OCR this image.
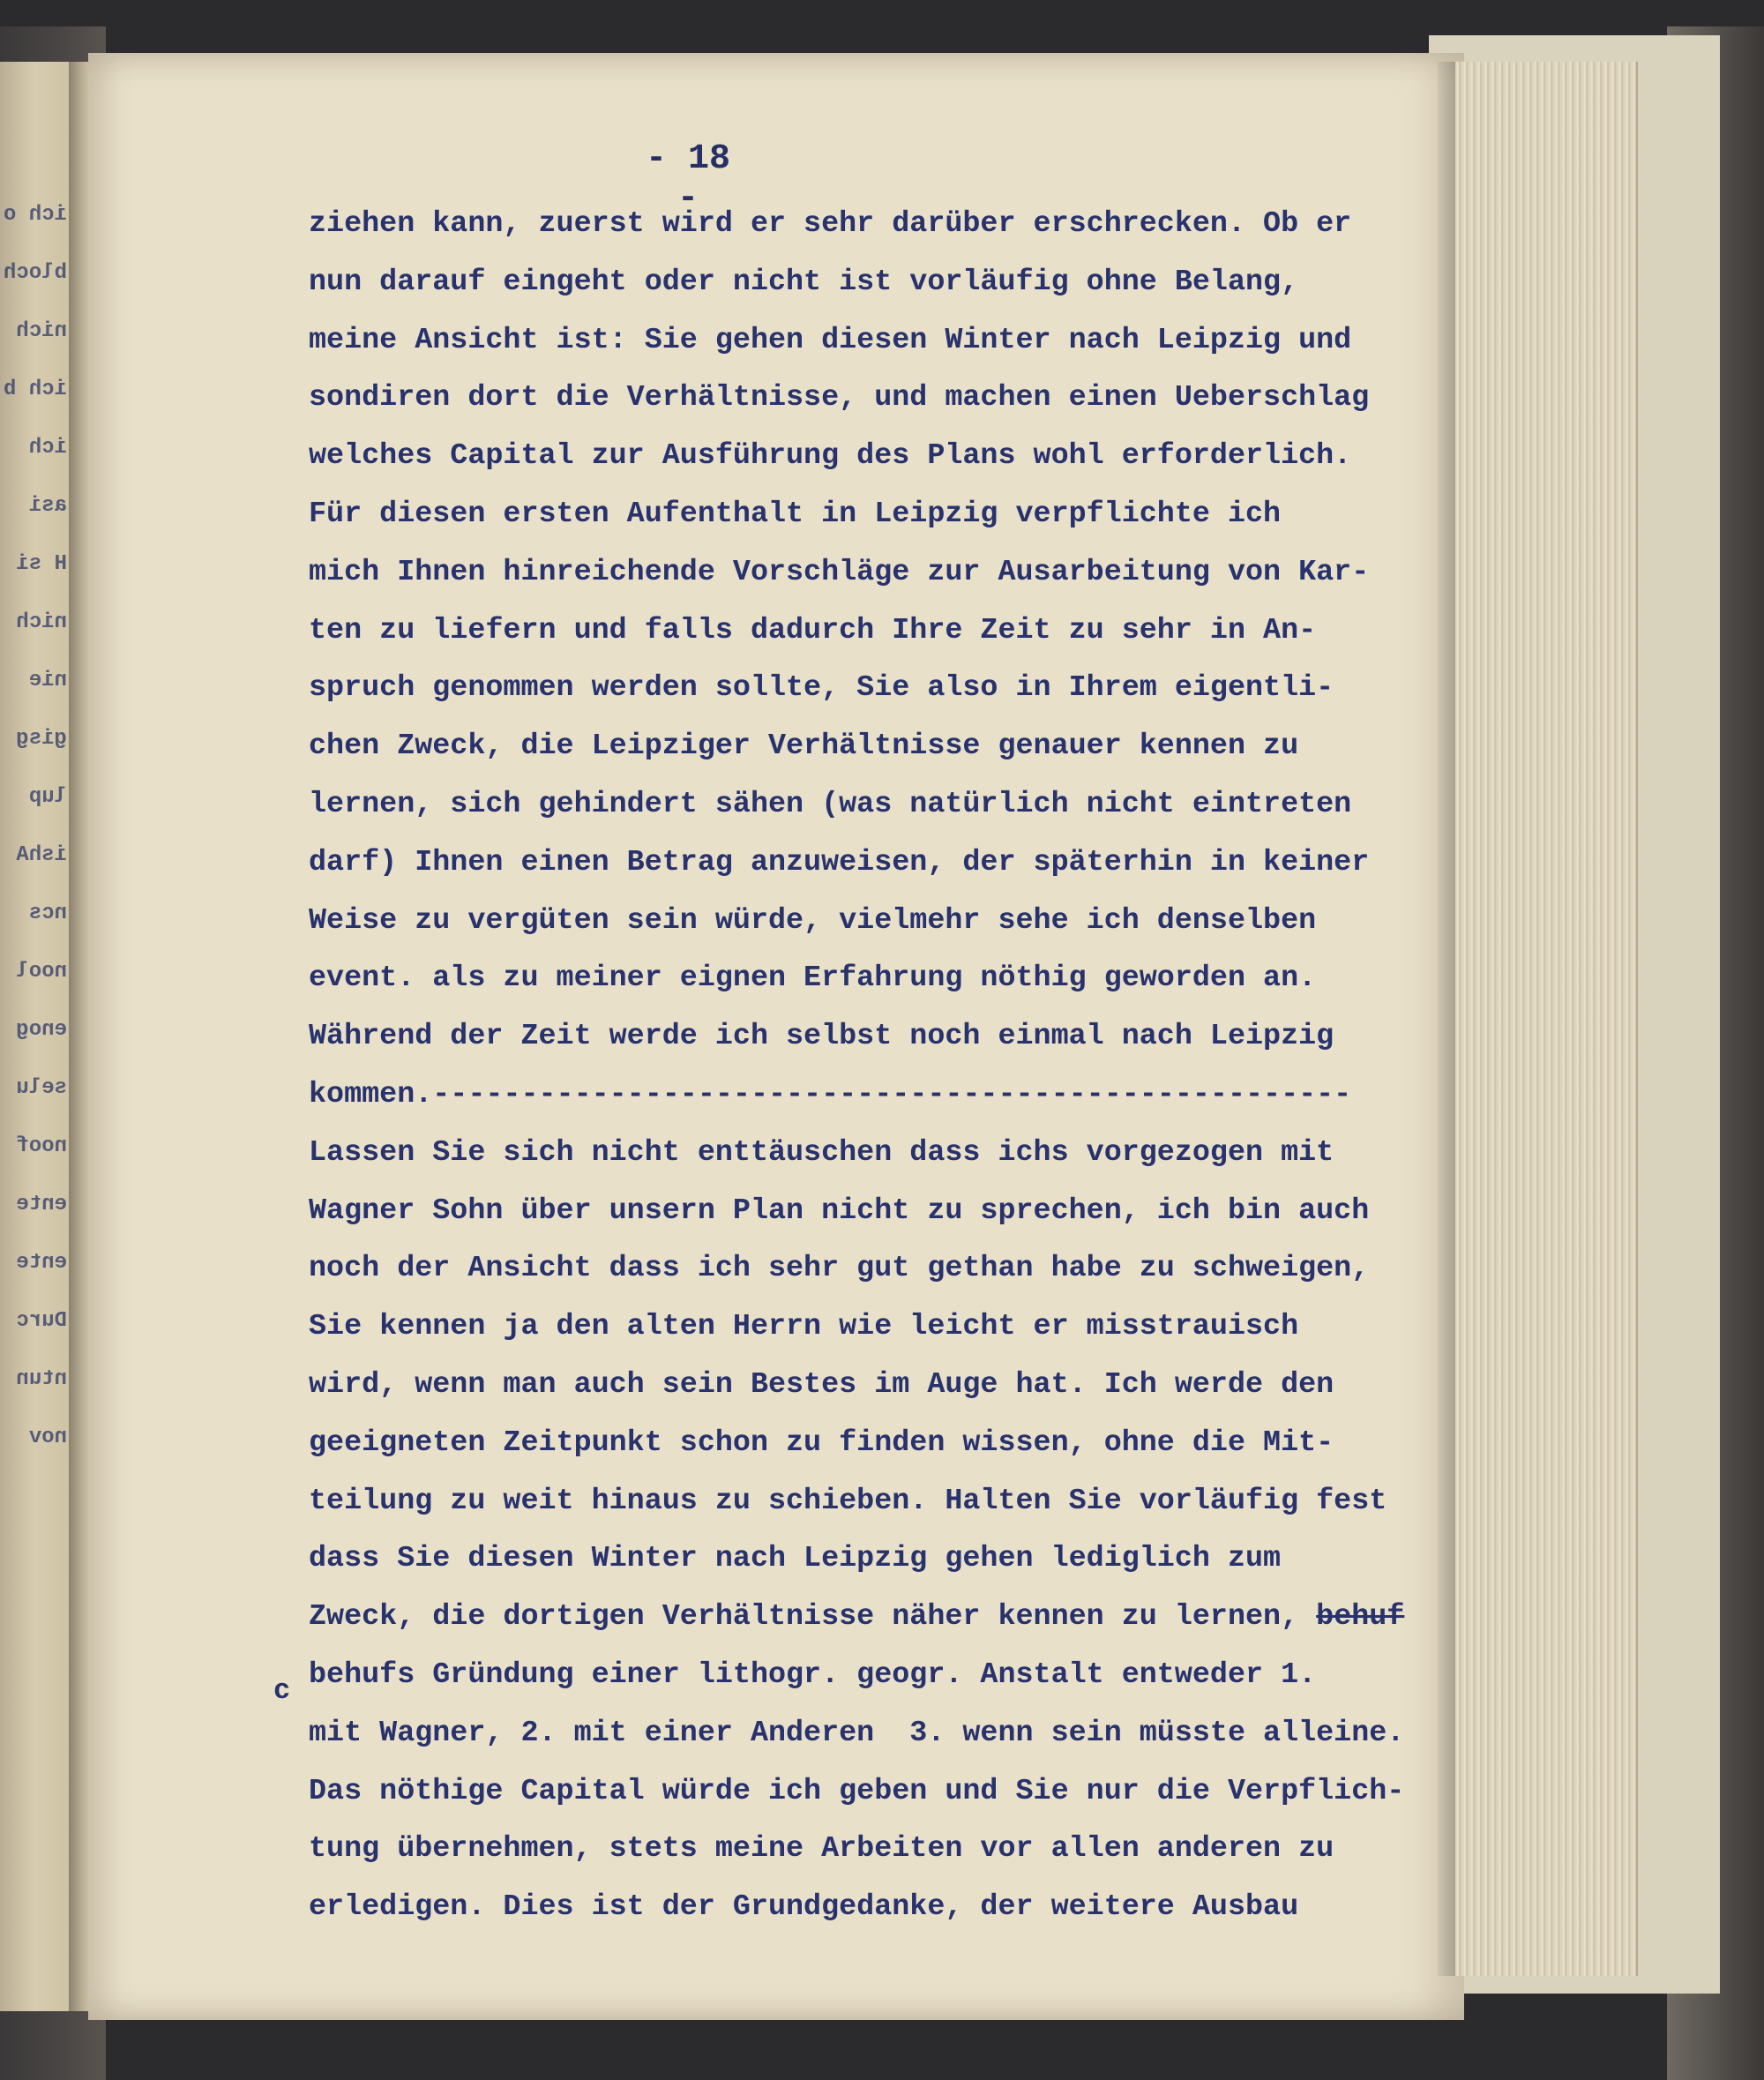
ich o
bloch
nich
ich b
ich
asi
H si
nich
nie
gisg
lup
ishA
ncs
nool
enog
selu
noof
ente
ente
Durc
ntun
nov
- 18 -
ziehen kann, zuerst wird er sehr darüber erschrecken. Ob er
nun darauf eingeht oder nicht ist vorläufig ohne Belang,
meine Ansicht ist: Sie gehen diesen Winter nach Leipzig und
sondiren dort die Verhältnisse, und machen einen Ueberschlag
welches Capital zur Ausführung des Plans wohl erforderlich.
Für diesen ersten Aufenthalt in Leipzig verpflichte ich
mich Ihnen hinreichende Vorschläge zur Ausarbeitung von Kar-
ten zu liefern und falls dadurch Ihre Zeit zu sehr in An-
spruch genommen werden sollte, Sie also in Ihrem eigentli-
chen Zweck, die Leipziger Verhältnisse genauer kennen zu
lernen, sich gehindert sähen (was natürlich nicht eintreten
darf) Ihnen einen Betrag anzuweisen, der späterhin in keiner
Weise zu vergüten sein würde, vielmehr sehe ich denselben
event. als zu meiner eignen Erfahrung nöthig geworden an.
Während der Zeit werde ich selbst noch einmal nach Leipzig
kommen.----------------------------------------------------
Lassen Sie sich nicht enttäuschen dass ichs vorgezogen mit
Wagner Sohn über unsern Plan nicht zu sprechen, ich bin auch
noch der Ansicht dass ich sehr gut gethan habe zu schweigen,
Sie kennen ja den alten Herrn wie leicht er misstrauisch
wird, wenn man auch sein Bestes im Auge hat. Ich werde den
geeigneten Zeitpunkt schon zu finden wissen, ohne die Mit-
teilung zu weit hinaus zu schieben. Halten Sie vorläufig fest
dass Sie diesen Winter nach Leipzig gehen lediglich zum
Zweck, die dortigen Verhältnisse näher kennen zu lernen, behuf
behufs Gründung einer lithogr. geogr. Anstalt entweder 1.
mit Wagner, 2. mit einer Anderen  3. wenn sein müsste alleine.
Das nöthige Capital würde ich geben und Sie nur die Verpflich-
tung übernehmen, stets meine Arbeiten vor allen anderen zu
erledigen. Dies ist der Grundgedanke, der weitere Ausbau
c
